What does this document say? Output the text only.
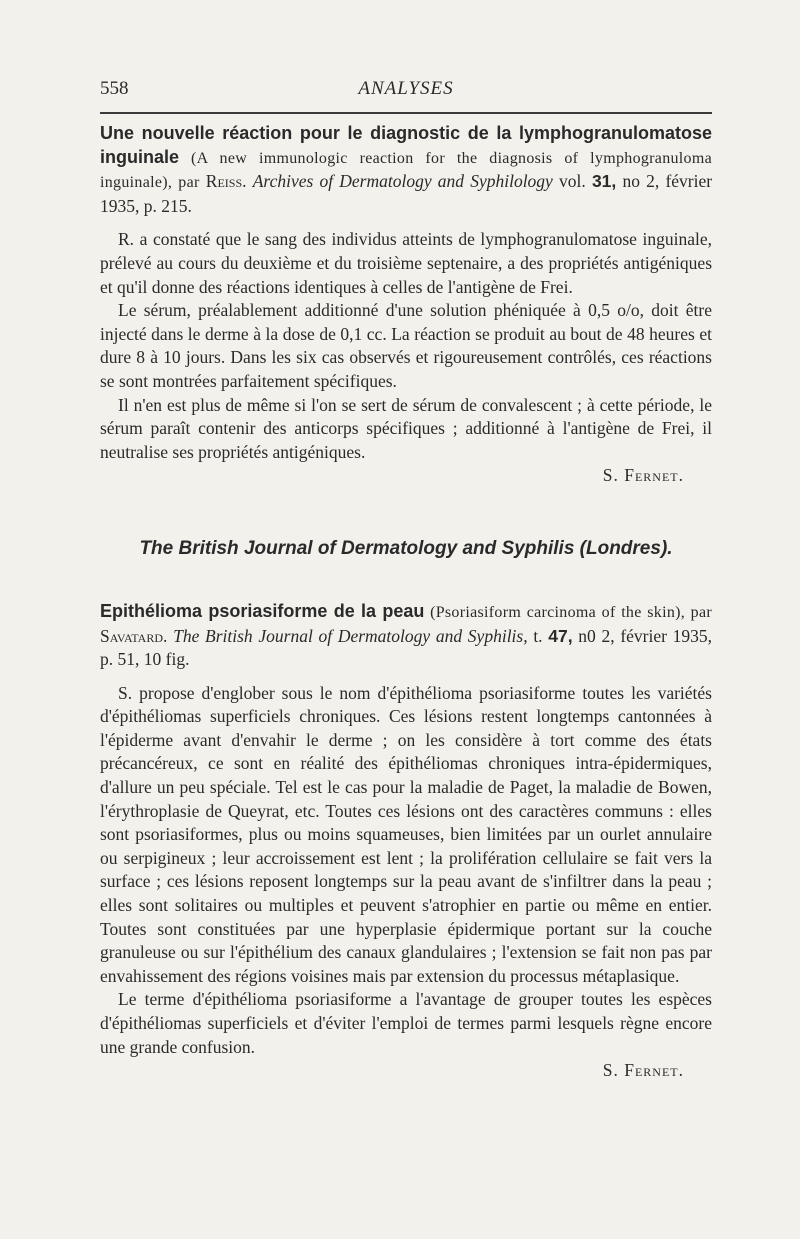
558	ANALYSES
Une nouvelle réaction pour le diagnostic de la lymphogranulomatose inguinale (A new immunologic reaction for the diagnosis of lymphogranuloma inguinale), par Reiss. Archives of Dermatology and Syphilology vol. 31, no 2, février 1935, p. 215.

R. a constaté que le sang des individus atteints de lymphogranulomatose inguinale, prélevé au cours du deuxième et du troisième septenaire, a des propriétés antigéniques et qu'il donne des réactions identiques à celles de l'antigène de Frei.

Le sérum, préalablement additionné d'une solution phéniquée à 0,5 o/o, doit être injecté dans le derme à la dose de 0,1 cc. La réaction se produit au bout de 48 heures et dure 8 à 10 jours. Dans les six cas observés et rigoureusement contrôlés, ces réactions se sont montrées parfaitement spécifiques.

Il n'en est plus de même si l'on se sert de sérum de convalescent ; à cette période, le sérum paraît contenir des anticorps spécifiques ; additionné à l'antigène de Frei, il neutralise ses propriétés antigéniques.

S. Fernet.

The British Journal of Dermatology and Syphilis (Londres).
Epithélioma psoriasiforme de la peau (Psoriasiform carcinoma of the skin), par Savatard. The British Journal of Dermatology and Syphilis, t. 47, n0 2, février 1935, p. 51, 10 fig.

S. propose d'englober sous le nom d'épithélioma psoriasiforme toutes les variétés d'épithéliomas superficiels chroniques. Ces lésions restent longtemps cantonnées à l'épiderme avant d'envahir le derme ; on les considère à tort comme des états précancéreux, ce sont en réalité des épithéliomas chroniques intra-épidermiques, d'allure un peu spéciale. Tel est le cas pour la maladie de Paget, la maladie de Bowen, l'érythroplasie de Queyrat, etc. Toutes ces lésions ont des caractères communs : elles sont psoriasiformes, plus ou moins squameuses, bien limitées par un ourlet annulaire ou serpigineux ; leur accroissement est lent ; la prolifération cellulaire se fait vers la surface ; ces lésions reposent longtemps sur la peau avant de s'infiltrer dans la peau ; elles sont solitaires ou multiples et peuvent s'atrophier en partie ou même en entier. Toutes sont constituées par une hyperplasie épidermique portant sur la couche granuleuse ou sur l'épithélium des canaux glandulaires ; l'extension se fait non pas par envahissement des régions voisines mais par extension du processus métaplasique.

Le terme d'épithélioma psoriasiforme a l'avantage de grouper toutes les espèces d'épithéliomas superficiels et d'éviter l'emploi de termes parmi lesquels règne encore une grande confusion.

S. Fernet.
